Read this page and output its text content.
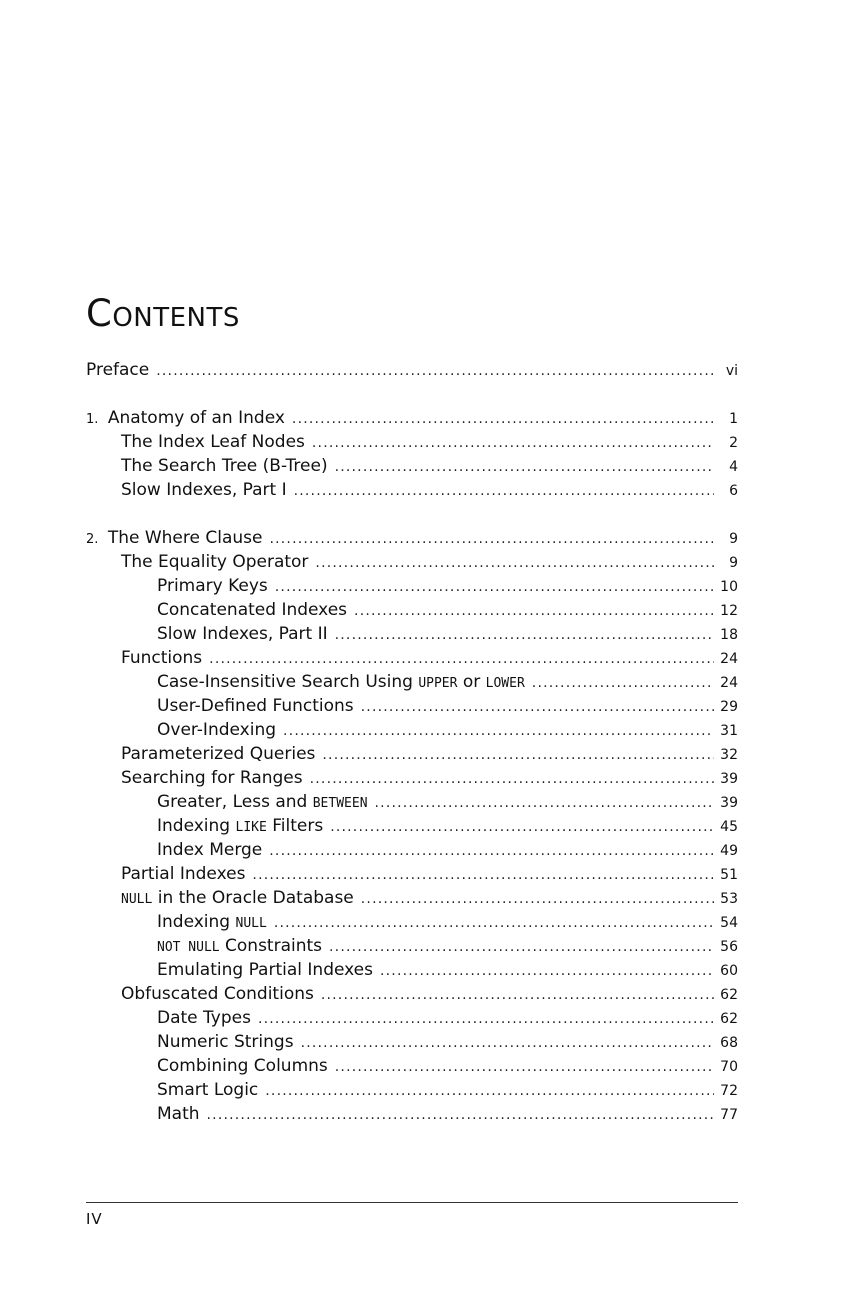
Contents
Preface .....	vi
1. Anatomy of an Index .....	1
The Index Leaf Nodes .....	2
The Search Tree (B-Tree) .....	4
Slow Indexes, Part I .....	6
2. The Where Clause .....	9
The Equality Operator .....	9
Primary Keys .....	10
Concatenated Indexes .....	12
Slow Indexes, Part II .....	18
Functions .....	24
Case-Insensitive Search Using UPPER or LOWER .....	24
User-Defined Functions .....	29
Over-Indexing .....	31
Parameterized Queries .....	32
Searching for Ranges .....	39
Greater, Less and BETWEEN .....	39
Indexing LIKE Filters .....	45
Index Merge .....	49
Partial Indexes .....	51
NULL in the Oracle Database .....	53
Indexing NULL .....	54
NOT NULL Constraints .....	56
Emulating Partial Indexes .....	60
Obfuscated Conditions .....	62
Date Types .....	62
Numeric Strings .....	68
Combining Columns .....	70
Smart Logic .....	72
Math .....	77
IV
